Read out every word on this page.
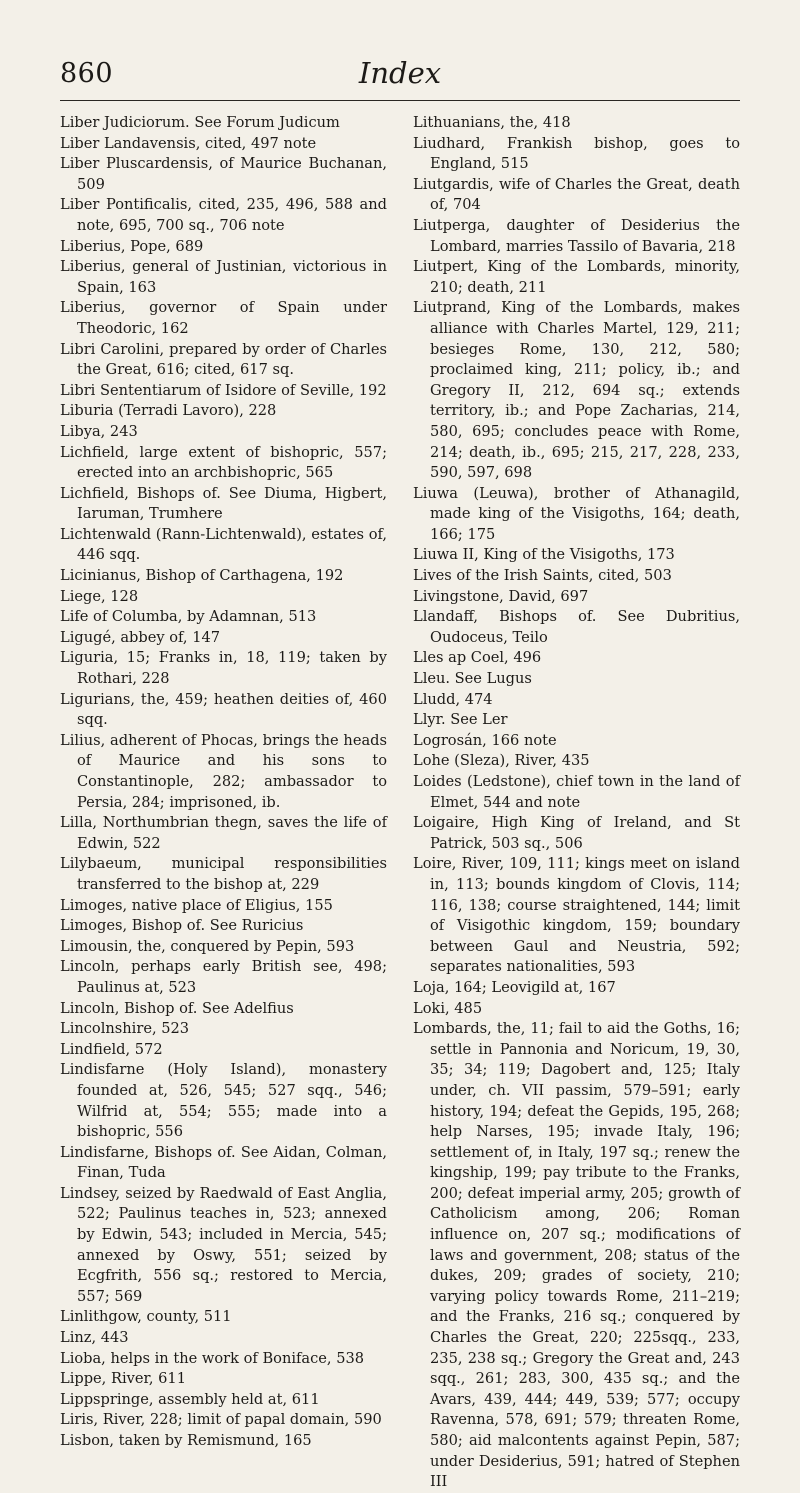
860	Index

Liber Judiciorum. See Forum Judicum

Liber Landavensis, cited, 497 note

Liber Pluscardensis, of Maurice Buchanan, 509

Liber Pontificalis, cited, 235, 496, 588 and note, 695, 700 sq., 706 note

Liberius, Pope, 689

Liberius, general of Justinian, victorious in Spain, 163

Liberius, governor of Spain under Theodoric, 162

Libri Carolini, prepared by order of Charles the Great, 616; cited, 617 sq.

Libri Sententiarum of Isidore of Seville, 192

Liburia (Terradi Lavoro), 228

Libya, 243

Lichfield, large extent of bishopric, 557; erected into an archbishopric, 565

Lichfield, Bishops of. See Diuma, Higbert, Iaruman, Trumhere

Lichtenwald (Rann-Lichtenwald), estates of, 446 sqq.

Licinianus, Bishop of Carthagena, 192

Liege, 128

Life of Columba, by Adamnan, 513

Ligugé, abbey of, 147

Liguria, 15; Franks in, 18, 119; taken by Rothari, 228

Ligurians, the, 459; heathen deities of, 460 sqq.

Lilius, adherent of Phocas, brings the heads of Maurice and his sons to Constantinople, 282; ambassador to Persia, 284; imprisoned, ib.

Lilla, Northumbrian thegn, saves the life of Edwin, 522

Lilybaeum, municipal responsibilities transferred to the bishop at, 229

Limoges, native place of Eligius, 155

Limoges, Bishop of. See Ruricius

Limousin, the, conquered by Pepin, 593

Lincoln, perhaps early British see, 498; Paulinus at, 523

Lincoln, Bishop of. See Adelfius

Lincolnshire, 523

Lindfield, 572

Lindisfarne (Holy Island), monastery founded at, 526, 545; 527 sqq., 546; Wilfrid at, 554; 555; made into a bishopric, 556

Lindisfarne, Bishops of. See Aidan, Colman, Finan, Tuda

Lindsey, seized by Raedwald of East Anglia, 522; Paulinus teaches in, 523; annexed by Edwin, 543; included in Mercia, 545; annexed by Oswy, 551; seized by Ecgfrith, 556 sq.; restored to Mercia, 557; 569

Linlithgow, county, 511

Linz, 443

Lioba, helps in the work of Boniface, 538

Lippe, River, 611

Lippspringe, assembly held at, 611

Liris, River, 228; limit of papal domain, 590

Lisbon, taken by Remismund, 165

Lithuanians, the, 418

Liudhard, Frankish bishop, goes to England, 515

Liutgardis, wife of Charles the Great, death of, 704

Liutperga, daughter of Desiderius the Lombard, marries Tassilo of Bavaria, 218

Liutpert, King of the Lombards, minority, 210; death, 211

Liutprand, King of the Lombards, makes alliance with Charles Martel, 129, 211; besieges Rome, 130, 212, 580; proclaimed king, 211; policy, ib.; and Gregory II, 212, 694 sq.; extends territory, ib.; and Pope Zacharias, 214, 580, 695; concludes peace with Rome, 214; death, ib., 695; 215, 217, 228, 233, 590, 597, 698

Liuwa (Leuwa), brother of Athanagild, made king of the Visigoths, 164; death, 166; 175

Liuwa II, King of the Visigoths, 173

Lives of the Irish Saints, cited, 503

Livingstone, David, 697

Llandaff, Bishops of. See Dubritius, Oudoceus, Teilo

Lles ap Coel, 496

Lleu. See Lugus

Lludd, 474

Llyr. See Ler

Logrosán, 166 note

Lohe (Sleza), River, 435

Loides (Ledstone), chief town in the land of Elmet, 544 and note

Loigaire, High King of Ireland, and St Patrick, 503 sq., 506

Loire, River, 109, 111; kings meet on island in, 113; bounds kingdom of Clovis, 114; 116, 138; course straightened, 144; limit of Visigothic kingdom, 159; boundary between Gaul and Neustria, 592; separates nationalities, 593

Loja, 164; Leovigild at, 167

Loki, 485

Lombards, the, 11; fail to aid the Goths, 16; settle in Pannonia and Noricum, 19, 30, 35; 34; 119; Dagobert and, 125; Italy under, ch. VII passim, 579–591; early history, 194; defeat the Gepids, 195, 268; help Narses, 195; invade Italy, 196; settlement of, in Italy, 197 sq.; renew the kingship, 199; pay tribute to the Franks, 200; defeat imperial army, 205; growth of Catholicism among, 206; Roman influence on, 207 sq.; modifications of laws and government, 208; status of the dukes, 209; grades of society, 210; varying policy towards Rome, 211–219; and the Franks, 216 sq.; conquered by Charles the Great, 220; 225sqq., 233, 235, 238 sq.; Gregory the Great and, 243 sqq., 261; 283, 300, 435 sq.; and the Avars, 439, 444; 449, 539; 577; occupy Ravenna, 578, 691; 579; threaten Rome, 580; aid malcontents against Pepin, 587; under Desiderius, 591; hatred of Stephen III
